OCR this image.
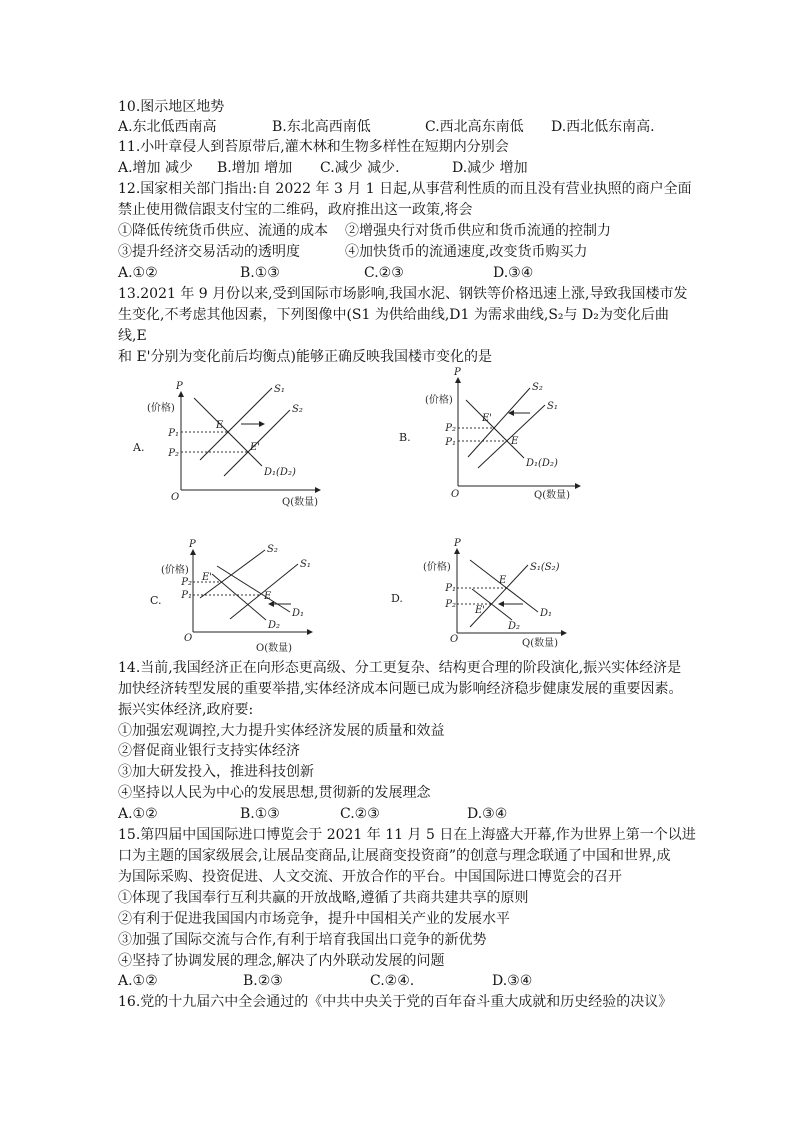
10.图示地区地势
A.东北低西南高	B.东北高西南低	C.西北高东南低 D.西北低东南高.
11.小叶章侵人到苔原带后,灌木林和生物多样性在短期内分别会
A.增加 减少 B.增加 增加 C.减少 减少.	D.减少 增加
12.国家相关部门指出:自 2022 年 3 月 1 日起,从事营利性质的而且没有营业执照的商户全面
禁止使用微信跟支付宝的二维码，政府推出这一政策,将会
①降低传统货币供应、流通的成本 ②增强央行对货币供应和货币流通的控制力
③提升经济交易活动的透明度	④加快货币的流通速度,改变货币购买力
A.①②	B.①③	C.②③	D.③④
13.2021 年 9 月份以来,受到国际市场影响,我国水泥、钢铁等价格迅速上涨,导致我国楼市发
生变化,不考虑其他因素，下列图像中(S1 为供给曲线,D1 为需求曲线,S₂与 D₂为变化后曲
线,E
和 E'分别为变化前后均衡点)能够正确反映我国楼市变化的是
A.
(价格)
P
O	Q(数量)
P₁
P₂
S₁
S₂
D₁(D₂)
E
E'
B.
(价格)
P
O	Q(数量)
P₂
P₁
S₂
S₁
D₁(D₂)
E'
E
C.
(价格)
P
O
O(数量)
P₂
P₁
S₂
S₁
D₁
D₂
E'
E	D.
(价格)
P
O	Q(数量)
P₁
P₂
S₁(S₂)
D₁
D₂
E
E'
14.当前,我国经济正在向形态更高级、分工更复杂、结构更合理的阶段演化,振兴实体经济是
加快经济转型发展的重要举措,实体经济成本问题已成为影响经济稳步健康发展的重要因素。
振兴实体经济,政府要:
①加强宏观调控,大力提升实体经济发展的质量和效益
②督促商业银行支持实体经济
③加大研发投入，推进科技创新
④坚持以人民为中心的发展思想,贯彻新的发展理念
A.①②	B.①③	C.②③	D.③④
15.第四届中国国际进口博览会于 2021 年 11 月 5 日在上海盛大开幕,作为世界上第一个以进
口为主题的国家级展会,让展品变商品,让展商变投资商”的创意与理念联通了中国和世界,成
为国际采购、投资促进、人文交流、开放合作的平台。中国国际进口博览会的召开
①体现了我国奉行互利共赢的开放战略,遵循了共商共建共享的原则
②有利于促进我国国内市场竞争，提升中国相关产业的发展水平
③加强了国际交流与合作,有利于培育我国出口竞争的新优势
④坚持了协调发展的理念,解决了内外联动发展的问题
A.①②	B.②③	C.②④.	D.③④
16.党的十九届六中全会通过的《中共中央关于党的百年奋斗重大成就和历史经验的决议》
